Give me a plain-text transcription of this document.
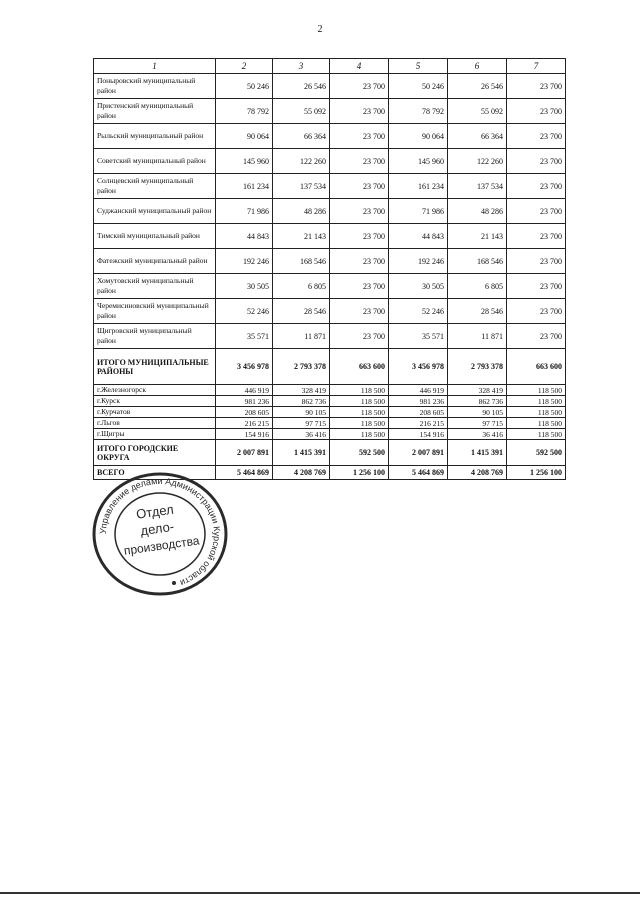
2
1	2	3	4	5	6	7
Поныровский муниципальный район	50 246	26 546	23 700	50 246	26 546	23 700
Пристенский муниципальный район	78 792	55 092	23 700	78 792	55 092	23 700
Рыльский муниципальный район	90 064	66 364	23 700	90 064	66 364	23 700
Советский муниципальный район	145 960	122 260	23 700	145 960	122 260	23 700
Солнцевский муниципальный район	161 234	137 534	23 700	161 234	137 534	23 700
Суджанский муниципальный район	71 986	48 286	23 700	71 986	48 286	23 700
Тимский муниципальный район	44 843	21 143	23 700	44 843	21 143	23 700
Фатежский муниципальный район	192 246	168 546	23 700	192 246	168 546	23 700
Хомутовский муниципальный район	30 505	6 805	23 700	30 505	6 805	23 700
Черемисиновский муниципальный район	52 246	28 546	23 700	52 246	28 546	23 700
Щигровский муниципальный район	35 571	11 871	23 700	35 571	11 871	23 700
ИТОГО МУНИЦИПАЛЬНЫЕ РАЙОНЫ	3 456 978	2 793 378	663 600	3 456 978	2 793 378	663 600
г.Железногорск	446 919	328 419	118 500	446 919	328 419	118 500
г.Курск	981 236	862 736	118 500	981 236	862 736	118 500
г.Курчатов	208 605	90 105	118 500	208 605	90 105	118 500
г.Льгов	216 215	97 715	118 500	216 215	97 715	118 500
г.Щигры	154 916	36 416	118 500	154 916	36 416	118 500
ИТОГО ГОРОДСКИЕ ОКРУГА	2 007 891	1 415 391	592 500	2 007 891	1 415 391	592 500
ВСЕГО	5 464 869	4 208 769	1 256 100	5 464 869	4 208 769	1 256 100
Управление делами Администрации Курской области
Отдел
дело-
производства
